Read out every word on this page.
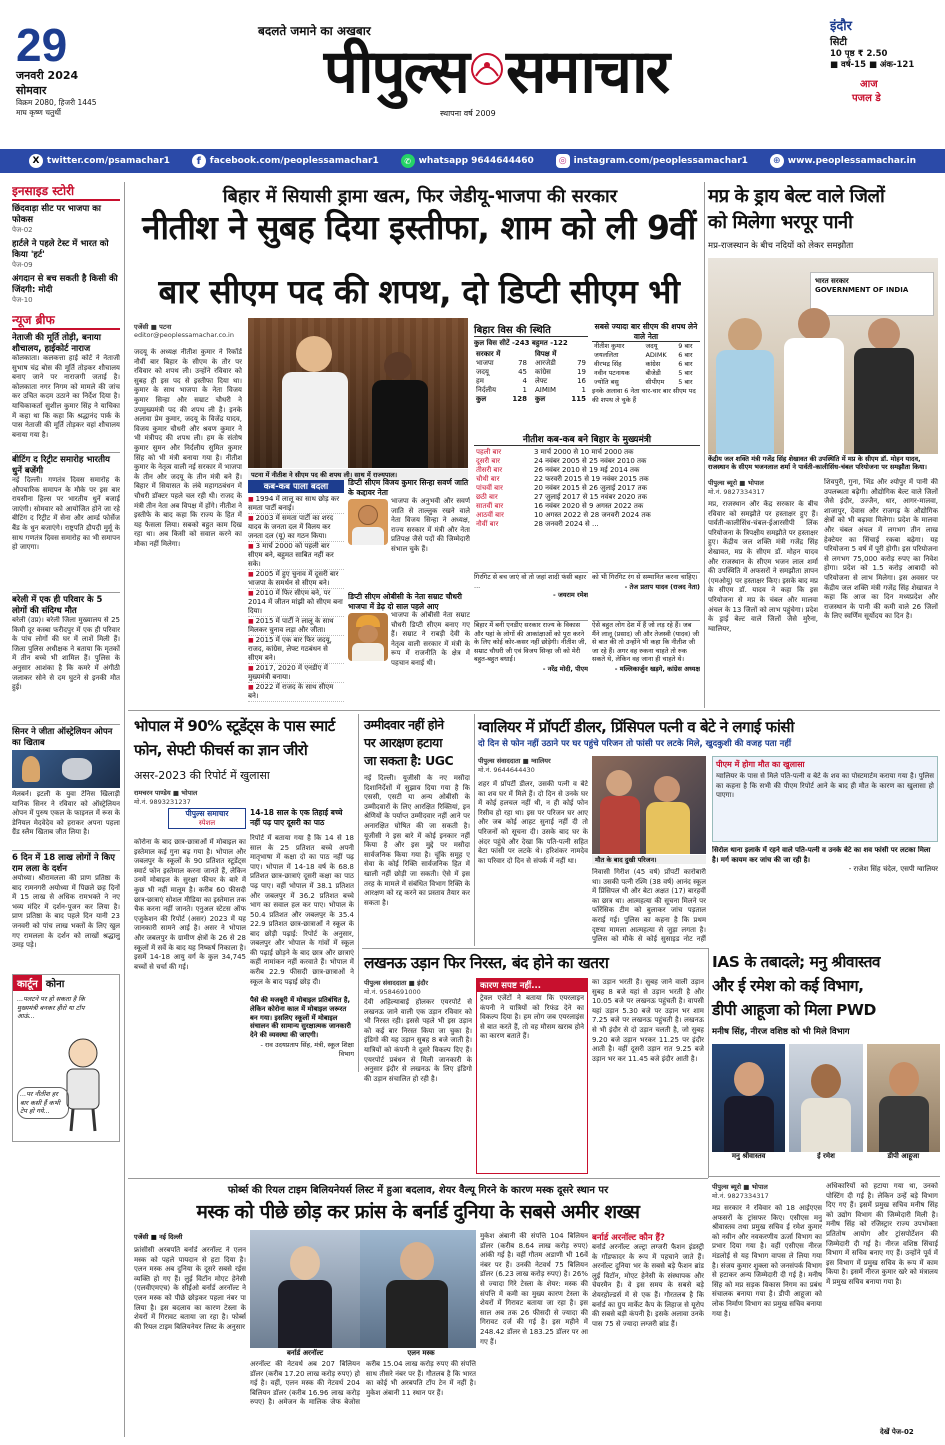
29
जनवरी 2024
सोमवार
विक्रम 2080, हिजरी 1445
माघ कृष्ण चतुर्थी
बदलते जमाने का अखबार
पीपुल्स समाचार
स्थापना वर्ष 2009
इंदौर
सिटी
10 पृष्ठ ₹ 2.50
■ वर्ष-15 ■ अंक-121
आज
पजल डे
X twitter.com/psamachar1	f facebook.com/peoplessamachar1	✆ whatsapp 9644644460	◎ instagram.com/peoplessamachar1	⊕ www.peoplessamachar.in
इनसाइड स्टोरी
छिंदवाड़ा सीट पर भाजपा का फोकस
पेज-02
हार्टले ने पहले टेस्ट में भारत को किया 'हर्ट'
पेज-09
अंगदान से बच सकती है किसी की जिंदगी: मोदी
पेज-10
न्यूज ब्रीफ
नेताजी की मूर्ति तोड़ी, बनाया शौचालय, हाईकोर्ट नाराज
कोलकाता। कलकत्ता हाई कोर्ट ने नेताजी सुभाष चंद्र बोस की मूर्ति तोड़कर शौचालय बनाए जाने पर नाराजगी जताई है। कोलकाता नगर निगम को मामले की जांच कर उचित कदम उठाने का निर्देश दिया है। याचिकाकर्ता सुशील कुमार सिंह ने याचिका में कहा था कि कहा कि श्रद्धानंद पार्क के पास नेताजी की मूर्ति तोड़कर वहां शौचालय बनाया गया है।
बीटिंग द रिट्रीट समारोह भारतीय धुनें बजेंगी
नई दिल्ली। गणतंत्र दिवस समारोह के औपचारिक समापन के मौके पर इस बार रायसीना हिल्स पर भारतीय धुनें बजाई जाएंगी। सोमवार को आयोजित होने जा रहे बीटिंग द रिट्रीट में सेना और आर्म्ड फोर्सेज बैंड के धुन बजाएंगे। राष्ट्रपति द्रौपदी मुर्मू के साथ गणतंत्र दिवस समारोह का भी समापन हो जाएगा।
बरेली में एक ही परिवार के 5 लोगों की संदिग्ध मौत
बरेली (उप्र)। बरेली जिला मुख्यालय से 25 किमी दूर कस्बा फरीदपुर में एक ही परिवार के पांच लोगों की घर में लाशें मिली हैं। जिला पुलिस अधीक्षक ने बताया कि मृतकों में तीन बच्चे भी शामिल हैं। पुलिस के अनुसार आशंका है कि कमरे में अंगीठी जलाकर सोने से दम घुटने से इनकी मौत हुई।
सिनर ने जीता ऑस्ट्रेलियन ओपन का खिताब
मेलबर्न। इटली के युवा टेनिस खिलाड़ी यानिक सिनर ने रविवार को ऑस्ट्रेलियन ओपन में पुरुष एकल के फाइनल में रूस के डेनियल मेदवेदेव को हराकर अपना पहला ग्रैंड स्लैम खिताब जीत लिया है।
6 दिन में 18 लाख लोगों ने किए राम लला के दर्शन
अयोध्या। श्रीरामलला की प्राण प्रतिष्ठा के बाद रामनगरी अयोध्या में पिछले छह दिनों में 15 लाख से अधिक रामभक्ते ने नए भव्य मंदिर में दर्शन-पूजन कर लिया है। प्राण प्रतिष्ठा के बाद पहले दिन यानी 23 जनवरी को पांच लाख भक्तों के लिए खुल गए रामलला के दर्शन को लाखों श्रद्धालु उमड़ पड़े।
कार्टून कोना
...पलटने पर हो सकता है कि मुख्यमंत्री बनकर हीरो या टॉप आऊं...
...पर नीतीश हर बार कसी हैं कभी टेप हो गये...
बिहार में सियासी ड्रामा खत्म, फिर जेडीयू-भाजपा की सरकार
नीतीश ने सुबह दिया इस्तीफा, शाम को ली 9वीं
बार सीएम पद की शपथ, दो डिप्टी सीएम भी
एजेंसी ■ पटना
editor@peoplessamachar.co.in
पटना में नीतीश ने सीएम पद की शपथ ली। साथ में राज्यपाल।
जदयू के अध्यक्ष नीतीश कुमार ने रिकॉर्ड नौवीं बार बिहार के सीएम के तौर पर रविवार को शपथ ली। उन्होंने रविवार को सुबह ही इस पद से इस्तीफा दिया था। कुमार के साथ भाजपा के नेता विजय कुमार सिन्हा और सम्राट चौधरी ने उपमुख्यमंत्री पद की शपथ ली है। इनके अलावा प्रेम कुमार, जदयू के विजेंद्र यादव, विजय कुमार चौधरी और श्रवण कुमार ने भी मंत्रीपद की शपथ ली। हम के संतोष कुमार सुमन और निर्दलीय सुमित कुमार सिंह को भी मंत्री बनाया गया है। नीतीश कुमार के नेतृत्व वाली नई सरकार में भाजपा के तीन और जदयू के तीन मंत्री बने हैं। बिहार में सियासत के लंबे महागठबंधन में चौधरी डॉक्टर पहले चल रही थी। राजद के मंत्री तीन नेता अब विपक्ष में होंगे। नीतीश ने इस्तीफे के बाद कहा कि राज्य के हित में यह फैसला लिया। सबको बहुत काम दिख रहा था। अब किसी को सवाल करने का मौका नहीं मिलेगा।
कब-कब पाला बदला
■ 1994 में लालू का साथ छोड़ कर समता पार्टी बनाई।
■ 2003 में समता पार्टी का शरद यादव के जनता दल में विलय कर जनता दल (यू) का गठन किया।
■ 3 मार्च 2000 को पहली बार सीएम बने, बहुमत साबित नहीं कर सके।
■ 2005 में हुए चुनाव में दूसरी बार भाजपा के समर्थन से सीएम बने।
■ 2010 में फिर सीएम बने, पर 2014 में जीतन मांझी को सीएम बना दिया।
■ 2015 में पार्टी ने लालू के साथ मिलकर चुनाव लड़ा और जीता।
■ 2015 में एक बार फिर जदयू, राजद, कांग्रेस, लेफ्ट गठबंधन से सीएम बने।
■ 2017, 2020 में एनडीए में मुख्यमंत्री बनाया।
■ 2022 में राजद के साथ सीएम बने।
डिप्टी सीएम विजय कुमार सिन्हा सवर्ण जाति के कद्दावर नेता
भाजपा के अनुभवी और सवर्ण जाति से ताल्लुक रखने वाले नेता विजय सिन्हा ने अध्यक्ष, राज्य सरकार में मंत्री और नेता प्रतिपक्ष जैसे पदों की जिम्मेदारी संभाल चुके हैं।
डिप्टी सीएम ओबीसी के नेता सम्राट चौधरी भाजपा में डेढ़ दो साल पहले आए
भाजपा के ओबीसी नेता सम्राट चौधरी डिप्टी सीएम बनाए गए हैं। सम्राट ने राबड़ी देवी के नेतृत्व वाली सरकार में मंत्री के रूप में राजनीति के क्षेत्र में पहचान बनाई थी।
बिहार विस की स्थिति
कुल विस सीटें -243 बहुमत -122
सरकार में	
भाजपा	78
जदयू	45
हम	4
निर्दलीय	1
कुल	128
विपक्ष में	
आरजेडी	79
कांग्रेस	19
लेफ्ट	16
AIMIM	1
कुल	115
सबसे ज्यादा बार सीएम की शपथ लेने वाले नेता
नीतीश कुमार	जदयू	9 बार
जयललिता	ADIMK	6 बार
वीरभद्र सिंह	कांग्रेस	6 बार
नवीन पटनायक	बीजेडी	5 बार
ज्योति बसु	सीपीएम	5 बार
इनके अलावा 6 नेता चार-चार बार सीएम पद की शपथ ले चुके हैं
नीतीश कब-कब बने बिहार के मुख्यमंत्री
पहली बार	3 मार्च 2000 से 10 मार्च 2000 तक
दूसरी बार	24 नवंबर 2005 से 25 नवंबर 2010 तक
तीसरी बार	26 नवंबर 2010 से 19 मई 2014 तक
चौथी बार	22 फरवरी 2015 से 19 नवंबर 2015 तक
पांचवीं बार	20 नवंबर 2015 से 26 जुलाई 2017 तक
छठी बार	27 जुलाई 2017 से 15 नवंबर 2020 तक
सातवीं बार	16 नवंबर 2020 से 9 अगस्त 2022 तक
आठवीं बार	10 अगस्त 2022 से 28 जनवरी 2024 तक
नौवीं बार	28 जनवरी 2024 से ...
गिरगिट से बच जाएं वो तो जहां शादी फंसी बहार ...
- जयराम रमेश
को भी गिरगिट रंग से सम्मानित करना चाहिए।
- तेज प्रताप यादव (राजद नेता)
बिहार में बनी एनडीए सरकार राज्य के विकास और यहां के लोगों की आकांक्षाओं को पूरा करने के लिए कोई कोर-कसर नहीं छोड़ेगी। नीतीश जी, सम्राट चौधरी जी एवं विजय सिन्हा जी को मेरी बहुत-बहुत बधाई।
- नरेंद्र मोदी, पीएम
ऐसे बहुत लोग देश में हैं जो लड़ रहे हैं। जब मैंने लालू (प्रसाद) जी और तेजस्वी (यादव) जी से बात की तो उन्होंने भी कहा कि नीतीश जी जा रहे हैं। अगर वह रुकना चाहते तो रुक सकते थे, लेकिन वह जाना ही चाहते थे।
- मल्लिकार्जुन खड़गे, कांग्रेस अध्यक्ष
मप्र के ड्राय बेल्ट वाले जिलों
को मिलेगा भरपूर पानी
मप्र-राजस्थान के बीच नदियों को लेकर समझौता
भारत सरकार
GOVERNMENT OF INDIA
केंद्रीय जल शक्ति मंत्री गजेंद्र सिंह शेखावत की उपस्थिति में मप्र के सीएम डॉ. मोहन यादव, राजस्थान के सीएम भजनलाल शर्मा ने पार्वती-कालीसिंध-चंबल परियोजना पर समझौता किया।
पीपुल्स ब्यूरो ■ भोपाल
मो.नं. 9827334317
मप्र, राजस्थान और केंद्र सरकार के बीच रविवार को समझौते पर हस्ताक्षर हुए हैं। पार्वती-कालीसिंध-चंबल-ईआरसीपी लिंक परियोजना के त्रिपक्षीय समझौते पर हस्ताक्षर हुए। केंद्रीय जल शक्ति मंत्री गजेंद्र सिंह शेखावत, मप्र के सीएम डॉ. मोहन यादव और राजस्थान के सीएम भजन लाल शर्मा की उपस्थिति में अफसरों ने समझौता ज्ञापन (एमओयू) पर हस्ताक्षर किए। इसके बाद मप्र के सीएम डॉ. यादव ने कहा कि इस परियोजना से मप्र के चंबल और मालवा अंचल के 13 जिलों को लाभ पहुंचेगा। प्रदेश के ड्राई बेल्ट वाले जिलों जैसे मुरैना, ग्वालियर,
शिवपुरी, गुना, भिंड और श्योपुर में पानी की उपलब्धता बढ़ेगी। औद्योगिक बेल्ट वाले जिलों जैसे इंदौर, उज्जैन, धार, आगर-मालवा, शाजापुर, देवास और राजगढ़ के औद्योगिक क्षेत्रों को भी बढ़ावा मिलेगा। प्रदेश के मालवा और चंबल अंचल में लगभग तीन लाख हेक्टेयर का सिंचाई रकबा बढ़ेगा। यह परियोजना 5 वर्ष में पूरी होगी। इस परियोजना से लगभग 75,000 करोड़ रुपए का निवेश होगा। प्रदेश को 1.5 करोड़ आबादी को परियोजना से लाभ मिलेगा। इस अवसर पर केंद्रीय जल शक्ति मंत्री गजेंद्र सिंह शेखावत ने कहा कि आज का दिन मध्यप्रदेश और राजस्थान के पानी की कमी वाले 26 जिलों के लिए स्वर्णिम सूर्योदय का दिन है।
भोपाल में 90% स्टूडेंट्स के पास स्मार्ट
फोन, सेफ्टी फीचर्स का ज्ञान जीरो
असर-2023 की रिपोर्ट में खुलासा
रामचरन पाण्डेय ■ भोपाल
मो.नं. 9893231237
पीपुल्स समाचार
स्पेशल
कोरोना के बाद छात्र-छात्राओं में मोबाइल का इस्तेमाल कई गुना बढ़ गया है। भोपाल और जबलपुर के स्कूलों के 90 प्रतिशत स्टूडेंट्स स्मार्ट फोन इस्तेमाल करना जानते हैं, लेकिन उनमें मोबाइल के सुरक्षा फीचर के बारे में कुछ भी नहीं मालूम है। करीब 60 फीसदी छात्र-छात्राएं सोशल मीडिया का इस्तेमाल तक चैक करना नहीं जानते। एनुअल स्टेटस ऑफ एजुकेशन की रिपोर्ट (असर) 2023 में यह जानकारी सामने आई है। असर ने भोपाल और जबलपुर के ग्रामीण क्षेत्रों के 26 से 28 स्कूलों में सर्वे के बाद यह निष्कर्ष निकाला है। इसमें 14-18 आयु वर्ग के कुल 34,745 बच्चों से चर्चा की गई।
14-18 साल के एक तिहाई बच्चे नहीं पढ़ पाए दूसरी का पाठ
रिपोर्ट में बताया गया है कि 14 से 18 साल के 25 प्रतिशत बच्चे अपनी मातृभाषा में कक्षा दो का पाठ नहीं पढ़ पाए। भोपाल में 14-18 वर्ष के 68.8 प्रतिशत छात्र-छात्राएं दूसरी कक्षा का पाठ पढ़ पाए। वहीं भोपाल में 38.1 प्रतिशत और जबलपुर में 36.2 प्रतिशत बच्चे भाग का सवाल हल कर पाए। भोपाल के 50.4 प्रतिशत और जबलपुर के 35.4
22.9 प्रतिशत छात्र-छात्राओं ने स्कूल के बाद छोड़ी पढ़ाई: रिपोर्ट के अनुसार, जबलपुर और भोपाल के गांवों में स्कूल की पढ़ाई छोड़ने के बाद छात्र और छात्राएं कहीं नामांकन नहीं करवाते हैं। भोपाल में करीब 22.9 फीसदी छात्र-छात्राओं ने स्कूल के बाद पढ़ाई छोड़ दी।
पैसे की मजबूरी में मोबाइल प्रतिबंधित है, लेकिन कोरोना काल में मोबाइल जरूरत बन गया। इसलिए स्कूलों में मोबाइल संचालन की सामान्य सुरक्षात्मक जानकारी देने की व्यवस्था की जाएगी।
- राव उदयप्रताप सिंह, मंत्री, स्कूल शिक्षा विभाग
उम्मीदवार नहीं होने
पर आरक्षण हटाया
जा सकता है: UGC
नई दिल्ली। यूजीसी के नए मसौदा दिशानिर्देशों में सुझाव दिया गया है कि एससी, एसटी या अन्य ओबीसी के उम्मीदवारों के लिए आरक्षित रिक्तियां, इन श्रेणियों के पर्याप्त उम्मीदवार नहीं आने पर अनारक्षित घोषित की जा सकती है। यूजीसी ने इस बारे में कोई इनकार नहीं किया है और इस मुद्दे पर मसौदा सार्वजनिक किया गया है। चूंकि समूह ए सेवा के कोई रिक्ति सार्वजनिक हित में खाली नहीं छोड़ी जा सकती। ऐसे में इस तरह के मामले में संबंधित विभाग रिक्ति के आरक्षण को रद्द करने का प्रस्ताव तैयार कर सकता है।
ग्वालियर में प्रॉपर्टी डीलर, प्रिंसिपल पत्नी व बेटे ने लगाई फांसी
दो दिन से फोन नहीं उठाने पर घर पहुंचे परिजन तो फांसी पर लटके मिले, खुदकुशी की वजह पता नहीं
पीपुल्स संवाददाता ■ ग्वालियर
मो.नं. 9644644430
शहर में प्रॉपर्टी डीलर, उसकी पत्नी व बेटे का शव घर में मिले हैं। दो दिन से उनके घर में कोई हलचल नहीं थी, न ही कोई फोन रिसीव हो रहा था। इस पर परिजन घर आए और जब कोई आहट सुनाई नहीं दी तो परिजनों को सूचना दी। उसके बाद घर के अंदर पहुंचे और देखा कि पति-पत्नी सहित बेटा फांसी पर लटके थे। हरिशंकर नामदेव का परिवार दो दिन से संपर्क में नहीं था।	मौत के बाद दुखी परिजन।
निवासी गिरीश (45 वर्ष) प्रॉपर्टी कारोबारी था। उसकी पत्नी रश्मि (38 वर्ष) आनंद स्कूल में प्रिंसिपल थी और बेटा अक्षत (17) बारहवीं का छात्र था। आत्महत्या की सूचना मिलने पर फॉरेंसिक टीम को बुलाकर जांच पड़ताल कराई गई। पुलिस का कहना है कि प्रथम दृष्टया मामला आत्महत्या से जुड़ा लगता है। पुलिस को मौके से कोई सुसाइड नोट नहीं
पीएम में होगा मौत का खुलासा
ग्वालियर के पास से मिले पति-पत्नी व बेटे के शव का पोस्टमार्टम कराया गया है। पुलिस का कहना है कि सभी की पीएम रिपोर्ट आने के बाद ही मौत के कारण का खुलासा हो पाएगा।
सिरोल थाना इलाके में रहने वाले पति-पत्नी व उनके बेटे का शव फांसी पर लटका मिला है। मर्ग कायम कर जांच की जा रही है।
- राजेश सिंह चंदेल, एसपी ग्वालियर
लखनऊ उड़ान फिर निरस्त, बंद होने का खतरा
पीपुल्स संवाददाता ■ इंदौर
मो.नं. 9584691000
देवी अहिल्याबाई होलकर एयरपोर्ट से लखनऊ जाने वाली एक उड़ान रविवार को भी निरस्त रही। इससे पहले भी इस उड़ान को कई बार निरस्त किया जा चुका है। इंडिगो की यह उड़ान सुबह 8 बजे जाती है। यात्रियों को कंपनी ने दूसरे विकल्प दिए हैं। एयरपोर्ट प्रबंधन से मिली जानकारी के अनुसार इंदौर से लखनऊ के लिए इंडिगो की उड़ान संचालित हो रही है।
कारण सपष्ट नहीं...
ट्रेवल एजेंटों ने बताया कि एयरलाइन कंपनी ने यात्रियों को रिफंड देने का विकल्प दिया है। हम लोग जब एयरलाइंस से बात करते हैं, तो वह मौसम खराब होने का कारण बताते हैं।
का उड़ान भरती है। सुबह जाने वाली उड़ान सुबह 8 बजे यहां से उड़ान भरती है और 10.05 बजे पर लखनऊ पहुंचती है। वापसी यहां उड़ान 5.30 बजे पर उड़ान भर शाम 7.25 बजे पर लखनऊ पहुंचती है। लखनऊ से भी इंदौर से दो उड़ान चलती है, जो सुबह 9.20 बजे उड़ान भरकर 11.25 पर इंदौर आती है। वहीं दूसरी उड़ान रात 9.25 बजे उड़ान भर कर 11.45 बजे इंदौर आती है।
IAS के तबादले; मनु श्रीवास्तव
और ई रमेश को कई विभाग,
डीपी आहूजा को मिला PWD
मनीष सिंह, नीरज वशिष्ठ को भी मिले विभाग
मनु श्रीवास्तव	ई रमेश	डीपी आहूजा
पीपुल्स ब्यूरो ■ भोपाल
मो.नं. 9827334317
मप्र सरकार ने रविवार को 18 आईएएस अफसरों के ट्रांसफर किए। एसीएस मनु श्रीवास्तव तथा प्रमुख सचिव ई रमेश कुमार को नवीन और नवकरणीय ऊर्जा विभाग का प्रभार दिया गया है। वहीं एसीएस नीरज मंडलोई से यह विभाग वापस ले लिया गया है। संजय कुमार शुक्ला को जनसंपर्क विभाग से हटाकर अन्य जिम्मेदारी दी गई है। मनीष सिंह को मप्र सड़क विकास निगम का प्रबंध संचालक बनाया गया है। डीपी आहूजा को लोक निर्माण विभाग का प्रमुख सचिव बनाया गया है।
अधिकारियों को हटाया गया था, उनको पोस्टिंग दी गई है। लेकिन उन्हें बड़े विभाग दिए गए हैं। इसमें प्रमुख सचिव मनीष सिंह को उद्योग विभाग की जिम्मेदारी मिली है। मनीष सिंह को रजिस्ट्रार राज्य उपभोक्ता प्रतितोष आयोग और ट्रांसपोर्टेशन की जिम्मेदारी दी गई है। नीरज वशिष्ठ सिंचाई विभाग में सचिव बनाए गए हैं। उन्होंने पूर्व में इस विभाग में प्रमुख सचिव के रूप में काम किया है। इसमें नीरज कुमार खरे को मंत्रालय में प्रमुख सचिव बनाया गया है।
देखें पेज-02
फोर्ब्स की रियल टाइम बिलियनेयर्स लिस्ट में हुआ बदलाव, शेयर वैल्यू गिरने के कारण मस्क दूसरे स्थान पर
मस्क को पीछे छोड़ कर फ्रांस के बर्नार्ड दुनिया के सबसे अमीर शख्स
एजेंसी ■ नई दिल्ली
फ्रांसीसी अरबपति बर्नार्ड अरनॉल्ट ने एलन मस्क को पहले पायदान से हटा दिया है। एलन मस्क अब दुनिया के दूसरे सबसे रईस व्यक्ति हो गए हैं। लुई विटॉन मोएट हेनेसी (एलवीएमएच) के सीईओ बर्नार्ड अरनॉल्ट ने एलन मस्क को पीछे छोड़कर पहला नंबर पा लिया है। इस बदलाव का कारण टेस्ला के शेयरों में गिरावट बताया जा रहा है। फोर्ब्स की रियल टाइम बिलियनेयर लिस्ट के अनुसार
बर्नार्ड अरनॉल्ट	एलन मस्क
अरनॉल्ट की नेटवर्थ अब 207 बिलियन डॉलर (करीब 17.20 लाख करोड़ रुपए) हो गई है। वहीं, एलन मस्क की नेटवर्थ 204 बिलियन डॉलर (करीब 16.96 लाख करोड़ रुपए) है। अमेजन के मालिक जेफ बेजोस करीब 15.04 लाख करोड़ रुपए की संपत्ति साथ तीसरे नंबर पर हैं। गौतलब है कि भारत का कोई भी अरबपति टॉप टेन में नहीं है। मुकेश अंबानी 11 स्थान पर हैं।
मुकेश अंबानी की संपत्ति 104 बिलियन डॉलर (करीब 8.64 लाख करोड़ रुपए) आंकी गई है। वहीं गौतम अडाणी भी 16वें नंबर पर हैं। उनकी नेटवर्थ 75 बिलियन डॉलर (6.23 लाख करोड़ रुपए) है। 26% से ज्यादा गिरे टेस्ला के शेयर: मस्क की संपत्ति में कमी का मुख्य कारण टेस्ला के शेयरों में गिरावट बताया जा रहा है। इस साल अब तक 26 फीसदी से ज्यादा की गिरावट दर्ज की गई है। इस महीने में 248.42 डॉलर से 183.25 डॉलर पर आ गए हैं।
बर्नार्ड अरनॉल्ट कौन हैं?
बर्नार्ड अरनॉल्ट अल्ट्रा लग्जरी फैशन इंडस्ट्री के गॉडफादर के रूप में पहचाने जाते हैं। अरनॉल्ट दुनिया भर के सबसे बड़े फैशन ब्रांड लुई विटॉन, मोएट हेनेसी के संस्थापक और चेयरमैन हैं। वे इस समय के सबसे बड़े शेयरहोल्डर्स में से एक हैं। गौरतलब है कि बर्नार्ड का ग्रुप मार्केट कैप के लिहाज से यूरोप की सबसे बड़ी कंपनी है। इसके अलावा उनके पास 75 से ज्यादा लग्जरी ब्रांड हैं।
